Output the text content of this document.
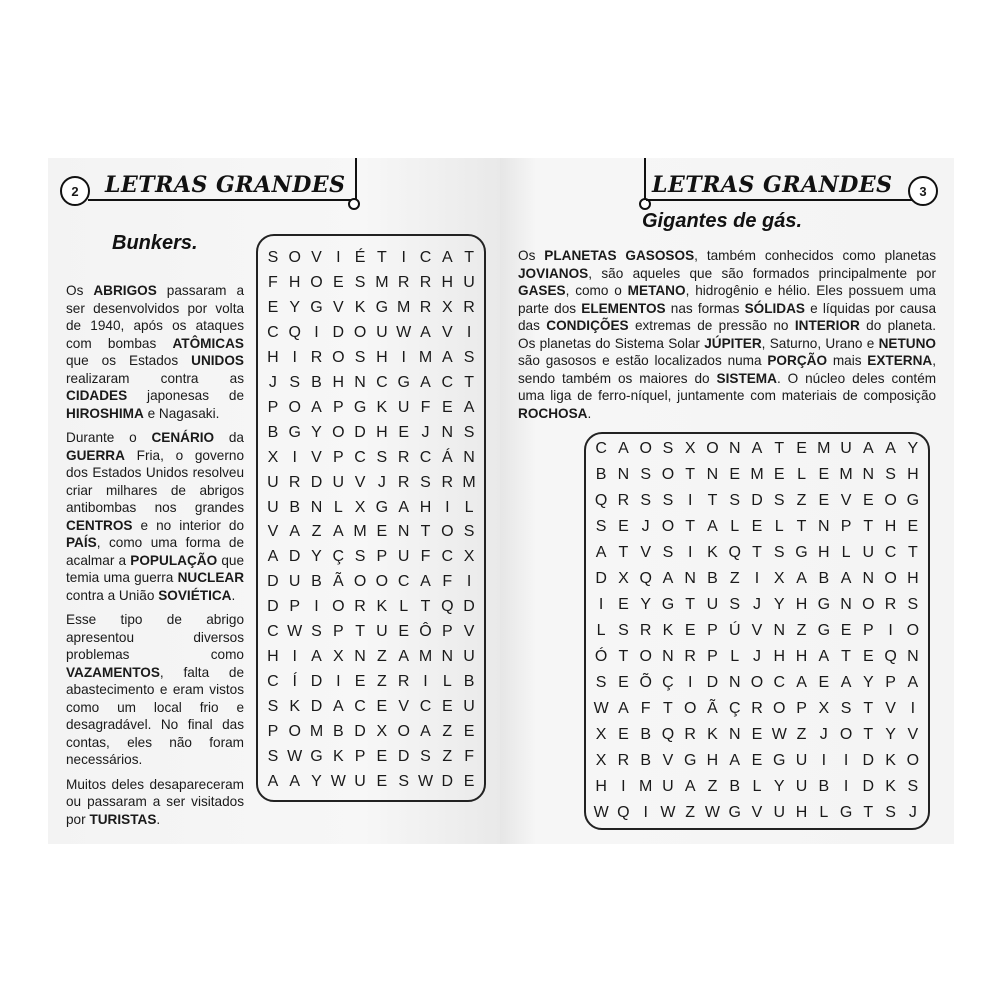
2	LETRAS GRANDES
Bunkers.

Os ABRIGOS passaram a ser desenvolvidos por volta de 1940, após os ataques com bombas ATÔMICAS que os Estados UNIDOS realizaram contra as CIDADES japonesas de HIROSHIMA e Nagasaki.

Durante o CENÁRIO da GUERRA Fria, o governo dos Estados Unidos resolveu criar milhares de abrigos antibombas nos grandes CENTROS e no interior do PAÍS, como uma forma de acalmar a POPULAÇÃO que temia uma guerra NUCLEAR contra a União SOVIÉTICA.

Esse tipo de abrigo apresentou	diversos problemas	como VAZAMENTOS, falta de abastecimento e eram vistos como um local frio e desagradável. No final das contas, eles não foram necessários.

Muitos deles desapareceram ou passaram a ser visitados por TURISTAS.

S O V I É T I C A T
F H O E S M R R H U
E Y G V K G M R X R
C Q I D O U W A V I
H I R O S H I M A S
J S B H N C G A C T
P O A P G K U F E A
B G Y O D H E J N S
X I V P C S R C Á N
U R D U V J R S R M
U B N L X G A H I L
V A Z A M E N T O S
A D Y Ç S P U F C X
D U B Ã O O C A F I
D P I O R K L T Q D
C W S P T U E Ô P V
H I A X N Z A M N U
C Í D I E Z R I L B
S K D A C E V C E U
P O M B D X O A Z E
S W G K P E D S Z F
A A Y W U E S W D E
LETRAS GRANDES	3
Gigantes de gás.

Os PLANETAS GASOSOS, também conhecidos como planetas JOVIANOS, são aqueles que são formados principalmente por GASES, como o METANO, hidrogênio e hélio. Eles possuem uma parte dos ELEMENTOS nas formas SÓLIDAS e líquidas por causa das CONDIÇÕES extremas de pressão no INTERIOR do planeta. Os planetas do Sistema Solar JÚPITER, Saturno, Urano e NETUNO são gasosos e estão localizados numa PORÇÃO mais EXTERNA, sendo também os maiores do SISTEMA. O núcleo deles contém uma liga de ferro-níquel, juntamente com materiais de composição ROCHOSA.

C A O S X O N A T E M U A A Y
B N S O T N E M E L E M N S H
Q R S S I T S D S Z E V E O G
S E J O T A L E L T N P T H E
A T V S I K Q T S G H L U C T
D X Q A N B Z I X A B A N O H
I E Y G T U S J Y H G N O R S
L S R K E P Ú V N Z G E P I O
Ó T O N R P L J H H A T E Q N
S E Õ Ç I D N O C A E A Y P A
W A F T O Ã Ç R O P X S T V I
X E B Q R K N E W Z J O T Y V
X R B V G H A E G U I	I D K O
H I M U A Z B L Y U B I D K S
W Q I W Z W G V U H L G T S J
